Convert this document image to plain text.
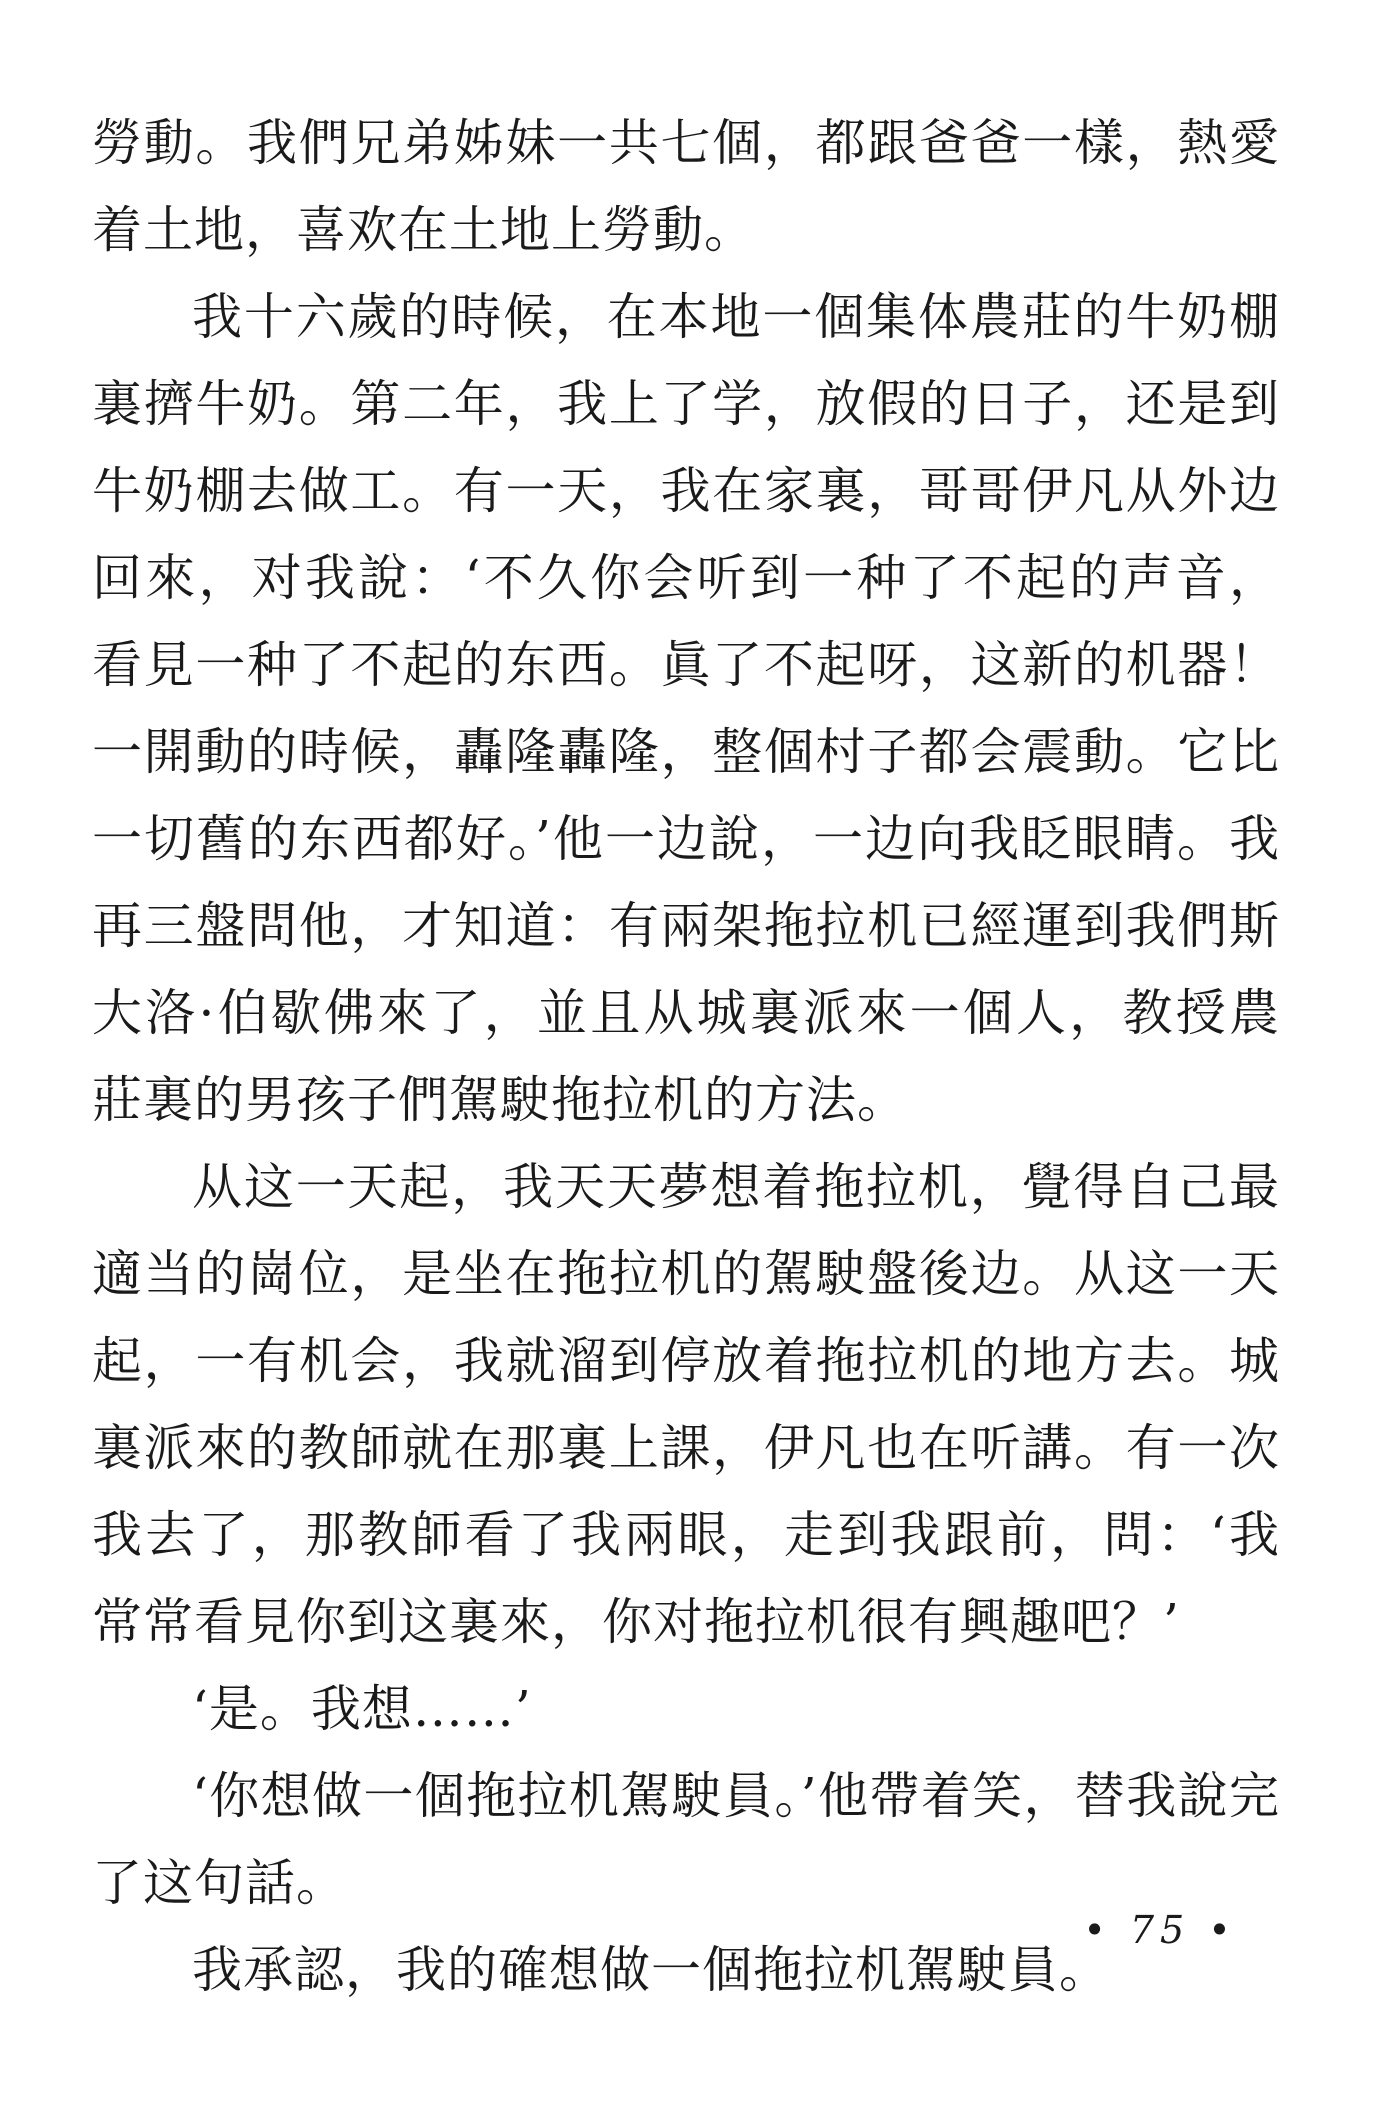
勞動。我們兄弟姊妹一共七個，都跟爸爸一樣，熱愛着土地，喜欢在土地上勞動。

我十六歲的時候，在本地一個集体農莊的牛奶棚裏擠牛奶。第二年，我上了学，放假的日子，还是到牛奶棚去做工。有一天，我在家裏，哥哥伊凡从外边回來，对我說：‘不久你会听到一种了不起的声音，看見一种了不起的东西。眞了不起呀，这新的机器！一開動的時候，轟隆轟隆，整個村子都会震動。它比一切舊的东西都好。’他一边說，一边向我眨眼睛。我再三盤問他，才知道：有兩架拖拉机已經運到我們斯大洛·伯歇佛來了，並且从城裏派來一個人，教授農莊裏的男孩子們駕駛拖拉机的方法。

从这一天起，我天天夢想着拖拉机，覺得自己最適当的崗位，是坐在拖拉机的駕駛盤後边。从这一天起，一有机会，我就溜到停放着拖拉机的地方去。城裏派來的教師就在那裏上課，伊凡也在听講。有一次我去了，那教師看了我兩眼，走到我跟前，問：‘我常常看見你到这裏來，你对拖拉机很有興趣吧？’

‘是。我想……’

‘你想做一個拖拉机駕駛員。’他帶着笑，替我說完了这句話。

我承認，我的確想做一個拖拉机駕駛員。

• 75 •
